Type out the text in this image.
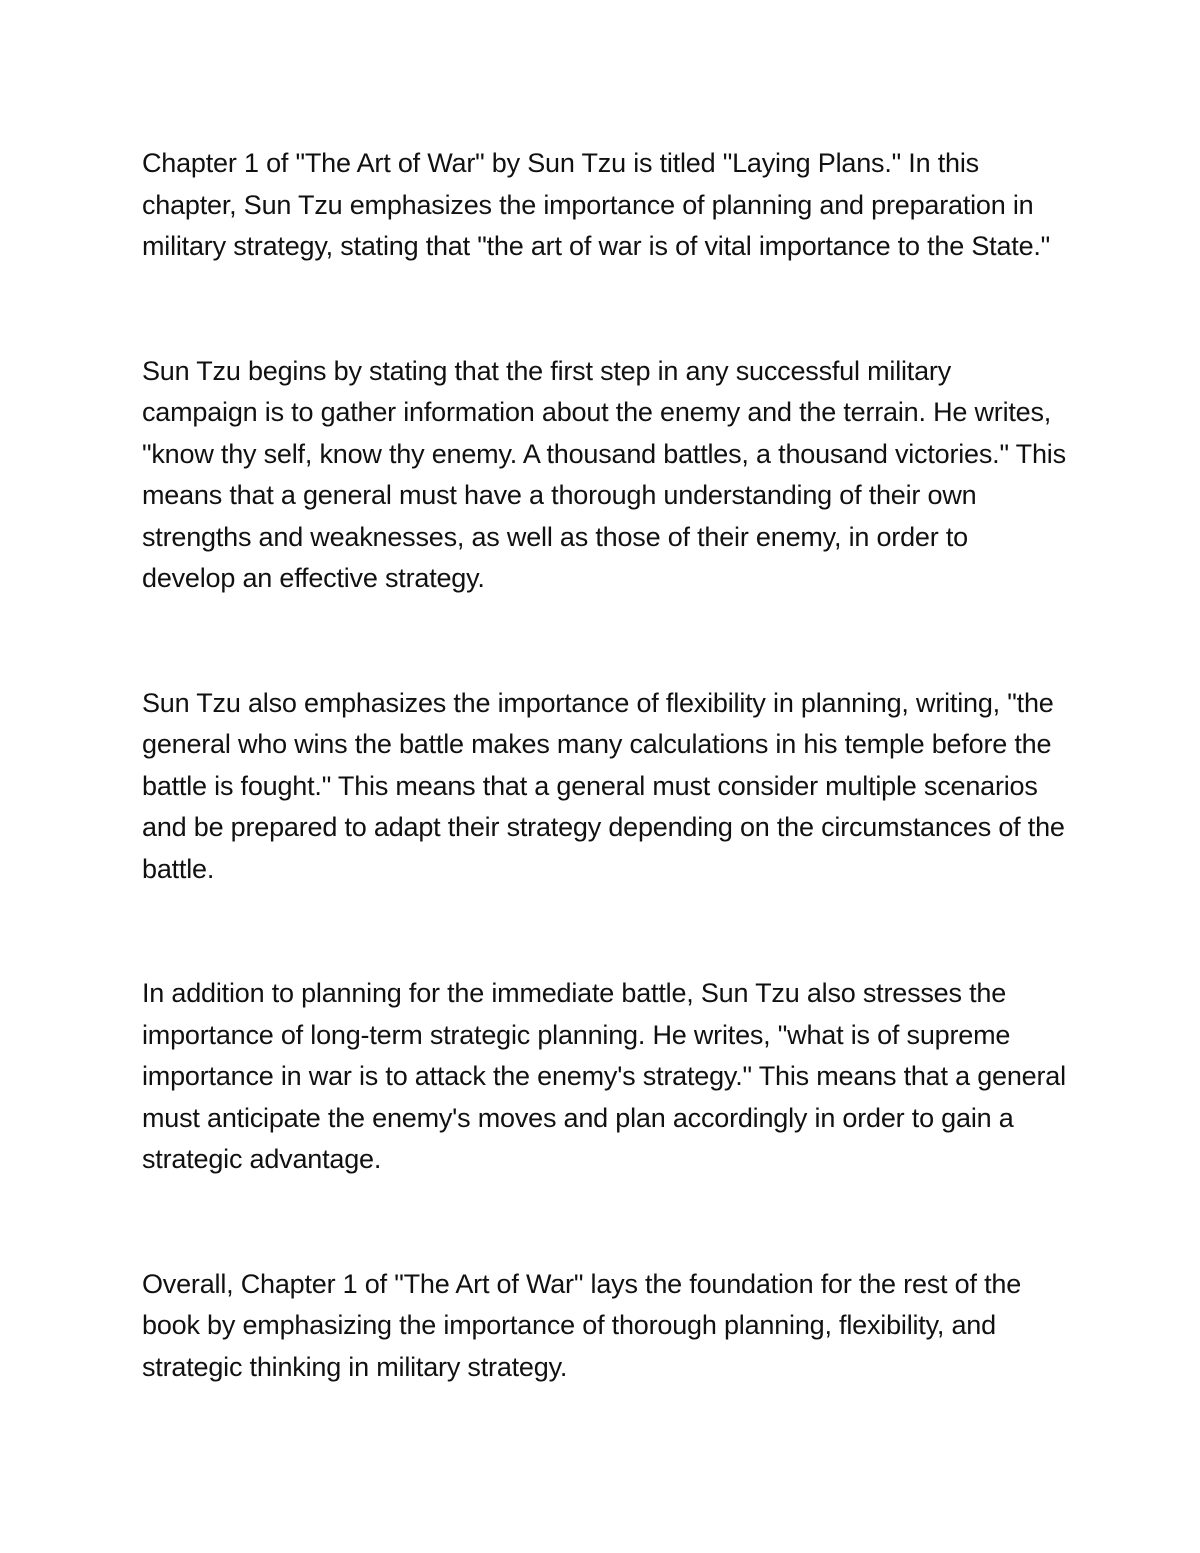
Chapter 1 of "The Art of War" by Sun Tzu is titled "Laying Plans." In this chapter, Sun Tzu emphasizes the importance of planning and preparation in military strategy, stating that "the art of war is of vital importance to the State."

Sun Tzu begins by stating that the first step in any successful military campaign is to gather information about the enemy and the terrain. He writes, "know thy self, know thy enemy. A thousand battles, a thousand victories." This means that a general must have a thorough understanding of their own strengths and weaknesses, as well as those of their enemy, in order to develop an effective strategy.

Sun Tzu also emphasizes the importance of flexibility in planning, writing, "the general who wins the battle makes many calculations in his temple before the battle is fought." This means that a general must consider multiple scenarios and be prepared to adapt their strategy depending on the circumstances of the battle.

In addition to planning for the immediate battle, Sun Tzu also stresses the importance of long-term strategic planning. He writes, "what is of supreme importance in war is to attack the enemy's strategy." This means that a general must anticipate the enemy's moves and plan accordingly in order to gain a strategic advantage.

Overall, Chapter 1 of "The Art of War" lays the foundation for the rest of the book by emphasizing the importance of thorough planning, flexibility, and strategic thinking in military strategy.
